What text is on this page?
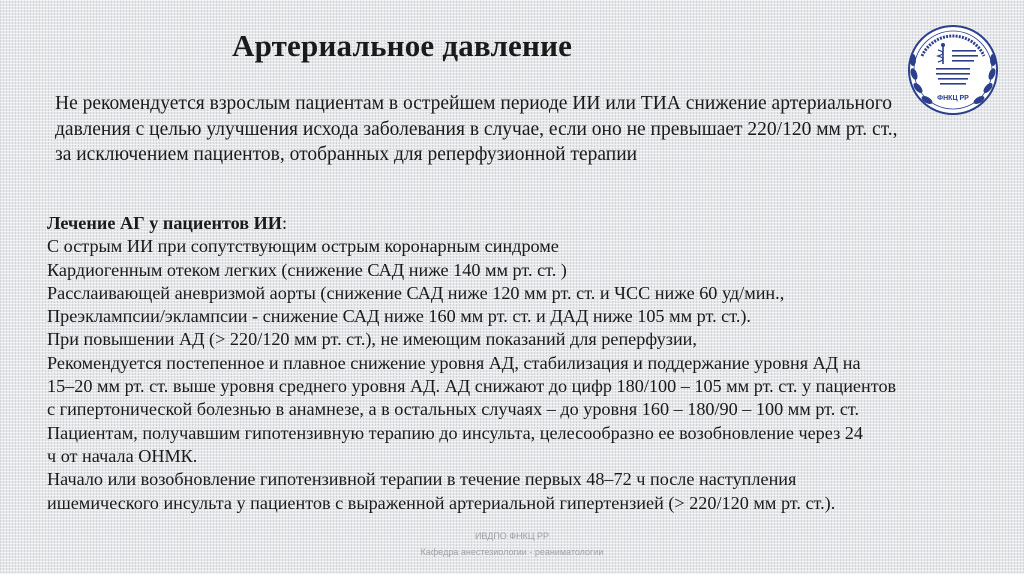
Артериальное давление
ФНКЦ РР

Не рекомендуется взрослым пациентам в острейшем периоде ИИ или ТИА снижение артериального давления с целью улучшения исхода заболевания в случае, если оно не превышает 220/120 мм рт. ст., за исключением пациентов, отобранных для реперфузионной терапии

Лечение АГ у пациентов ИИ:
С острым ИИ при сопутствующим острым коронарным синдроме
Кардиогенным отеком легких (снижение САД ниже 140 мм рт. ст. )
Расслаивающей аневризмой аорты (снижение САД ниже 120 мм рт. ст. и ЧСС ниже 60 уд/мин.,
Преэклампсии/эклампсии - снижение САД ниже 160 мм рт. ст. и ДАД ниже 105 мм рт. ст.).
При повышении АД (> 220/120 мм рт. ст.), не имеющим показаний для реперфузии,
Рекомендуется постепенное и плавное снижение уровня АД, стабилизация и поддержание уровня АД на
15–20 мм рт. ст. выше уровня среднего уровня АД. АД снижают до цифр 180/100 – 105 мм рт. ст. у пациентов
с гипертонической болезнью в анамнезе, а в остальных случаях – до уровня 160 – 180/90 – 100 мм рт. ст.
Пациентам, получавшим гипотензивную терапию до инсульта, целесообразно ее возобновление через 24
ч от начала ОНМК.
Начало или возобновление гипотензивной терапии в течение первых 48–72 ч после наступления
ишемического инсульта у пациентов с выраженной артериальной гипертензией (> 220/120 мм рт. ст.).
ИВДПО ФНКЦ РР
Кафедра анестезиологии - реаниматологии
